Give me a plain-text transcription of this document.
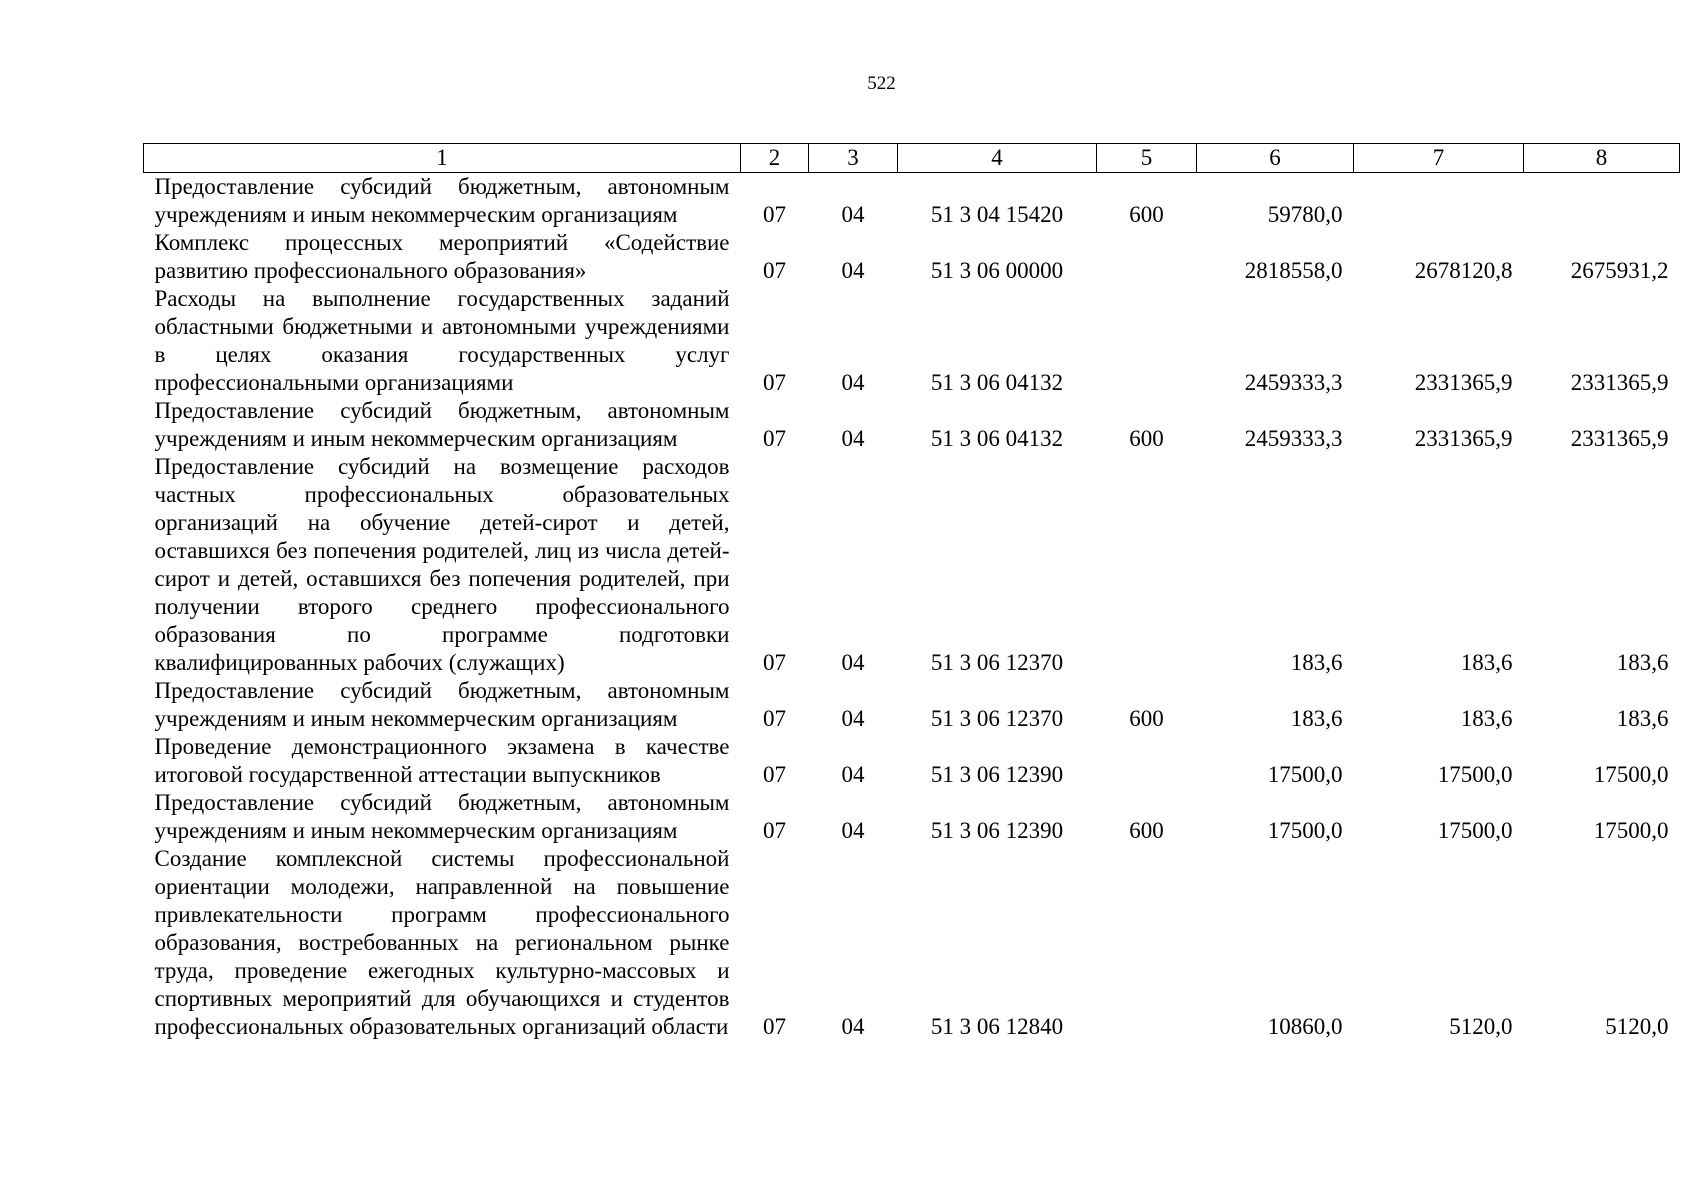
522
1	2	3	4	5	6	7	8
Предоставление субсидий бюджетным, автономным учреждениям и иным некоммерческим организациям	07	04	51 3 04 15420	600	59780,0		
Комплекс процессных мероприятий «Содействие развитию профессионального образования»	07	04	51 3 06 00000		2818558,0	2678120,8	2675931,2
Расходы на выполнение государственных заданий областными бюджетными и автономными учреждениями в целях оказания государственных услуг профессиональными организациями	07	04	51 3 06 04132		2459333,3	2331365,9	2331365,9
Предоставление субсидий бюджетным, автономным учреждениям и иным некоммерческим организациям	07	04	51 3 06 04132	600	2459333,3	2331365,9	2331365,9
Предоставление субсидий на возмещение расходов частных профессиональных образовательных организаций на обучение детей-сирот и детей, оставшихся без попечения родителей, лиц из числа детей-сирот и детей, оставшихся без попечения родителей, при получении второго среднего профессионального образования по программе подготовки квалифицированных рабочих (служащих)	07	04	51 3 06 12370		183,6	183,6	183,6
Предоставление субсидий бюджетным, автономным учреждениям и иным некоммерческим организациям	07	04	51 3 06 12370	600	183,6	183,6	183,6
Проведение демонстрационного экзамена в качестве итоговой государственной аттестации выпускников	07	04	51 3 06 12390		17500,0	17500,0	17500,0
Предоставление субсидий бюджетным, автономным учреждениям и иным некоммерческим организациям	07	04	51 3 06 12390	600	17500,0	17500,0	17500,0
Создание комплексной системы профессиональной ориентации молодежи, направленной на повышение привлекательности программ профессионального образования, востребованных на региональном рынке труда, проведение ежегодных культурно-массовых и спортивных мероприятий для обучающихся и студентов профессиональных образовательных организаций области	07	04	51 3 06 12840		10860,0	5120,0	5120,0
